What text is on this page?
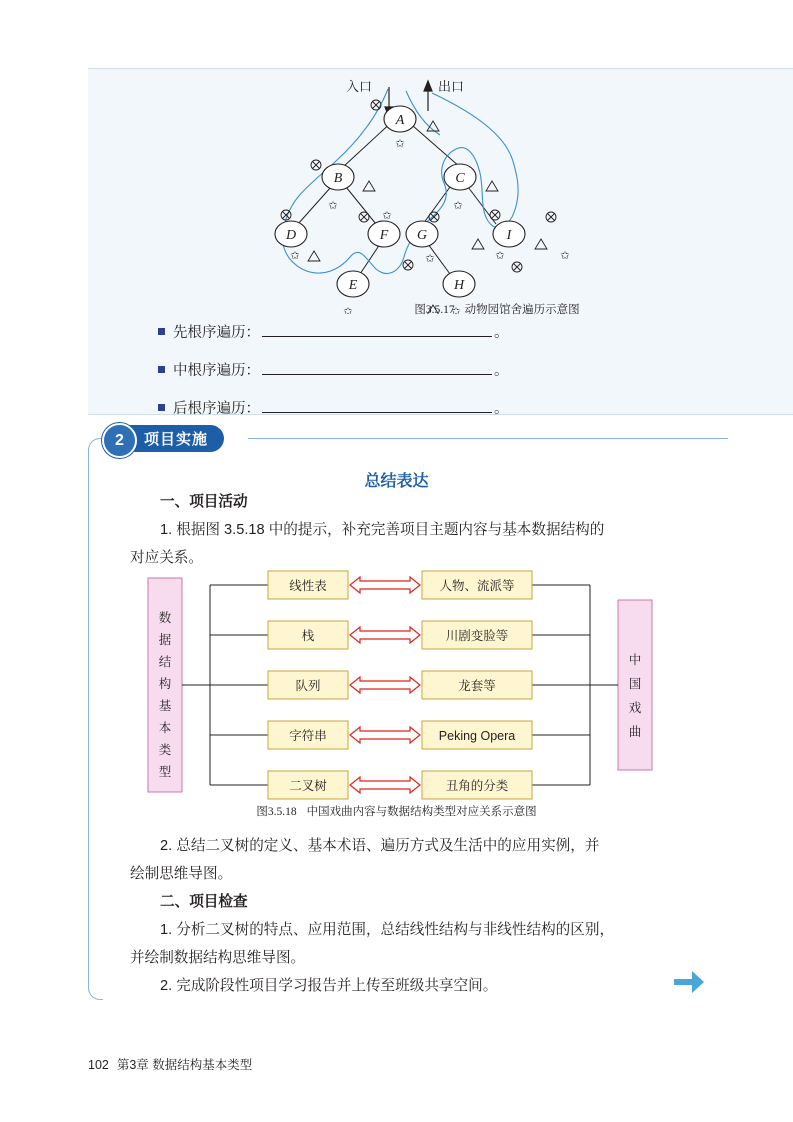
A
B	C
D	F G	I
E	H
✩
✩
✩
✩
✩	✩	✩	✩
✩	✩
入口	出口
图3.5.17 动物园馆舍遍历示意图
先根序遍历：	。
中根序遍历：	。
后根序遍历：	。
项目实施
2
总结表达
一、项目活动
1. 根据图 3.5.18 中的提示，补充完善项目主题内容与基本数据结构的
对应关系。
数
据
结
构
基
本
类
型
中
国
戏
曲
线性表
栈
队列
字符串
二叉树
人物、流派等
川剧变脸等
龙套等
Peking Opera
丑角的分类
图3.5.18 中国戏曲内容与数据结构类型对应关系示意图
2. 总结二叉树的定义、基本术语、遍历方式及生活中的应用实例，并
绘制思维导图。
二、项目检查
1. 分析二叉树的特点、应用范围，总结线性结构与非线性结构的区别，
并绘制数据结构思维导图。
2. 完成阶段性项目学习报告并上传至班级共享空间。
102 第3章 数据结构基本类型
